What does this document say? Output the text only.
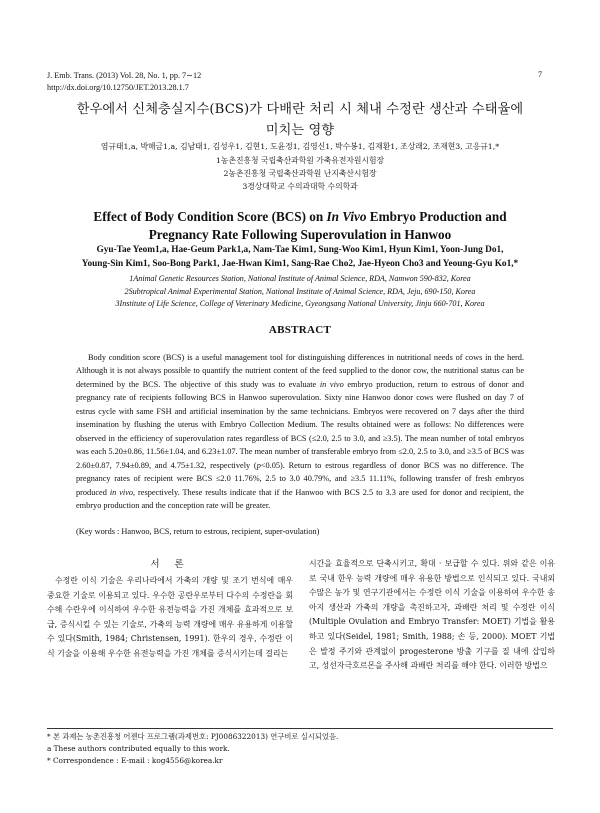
J. Emb. Trans. (2013) Vol. 28, No. 1, pp. 7∼12
http://dx.doi.org/10.12750/JET.2013.28.1.7
7
한우에서 신체충실지수(BCS)가 다배란 처리 시 체내 수정란 생산과 수태율에
미치는 영향
염규태1,a, 박해금1,a, 김남태1, 김성우1, 김현1, 도윤정1, 김영신1, 박수봉1, 김재환1, 조상래2, 조재현3, 고응규1,*
1농촌진흥청 국립축산과학원 가축유전자원시험장
2농촌진흥청 국립축산과학원 난지축산시험장
3경상대학교 수의과대학 수의학과
Effect of Body Condition Score (BCS) on In Vivo Embryo Production and
Pregnancy Rate Following Superovulation in Hanwoo
Gyu-Tae Yeom1,a, Hae-Geum Park1,a, Nam-Tae Kim1, Sung-Woo Kim1, Hyun Kim1, Yoon-Jung Do1,
Young-Sin Kim1, Soo-Bong Park1, Jae-Hwan Kim1, Sang-Rae Cho2, Jae-Hyeon Cho3 and Yeoung-Gyu Ko1,*
1Animal Genetic Resources Station, National Institute of Animal Science, RDA, Namwon 590-832, Korea
2Subtropical Animal Experimental Station, National Institute of Animal Science, RDA, Jeju, 690-150, Korea
3Institute of Life Science, College of Veterinary Medicine, Gyeongsang National University, Jinju 660-701, Korea
ABSTRACT

Body condition score (BCS) is a useful management tool for distinguishing differences in nutritional needs of cows in the herd. Although it is not always possible to quantify the nutrient content of the feed supplied to the donor cow, the nutritional status can be determined by the BCS. The objective of this study was to evaluate in vivo embryo production, return to estrous of donor and pregnancy rate of recipients following BCS in Hanwoo superovulation. Sixty nine Hanwoo donor cows were flushed on day 7 of estrus cycle with same FSH and artificial insemination by the same technicians. Embryos were recovered on 7 days after the third insemination by flushing the uterus with Embryo Collection Medium. The results obtained were as follows: No differences were observed in the efficiency of superovulation rates regardless of BCS (≤2.0, 2.5 to 3.0, and ≥3.5). The mean number of total embryos was each 5.20±0.86, 11.56±1.04, and 6.23±1.07. The mean number of transferable embryo from ≤2.0, 2.5 to 3.0, and ≥3.5 of BCS was 2.60±0.87, 7.94±0.89, and 4.75±1.32, respectively (p<0.05). Return to estrous regardless of donor BCS was no difference. The pregnancy rates of recipient were BCS ≤2.0 11.76%, 2.5 to 3.0 40.79%, and ≥3.5 11.11%, following transfer of fresh embryos produced in vivo, respectively. These results indicate that if the Hanwoo with BCS 2.5 to 3.3 are used for donor and recipient, the embryo production and the conception rate will be greater.

(Key words : Hanwoo, BCS, return to estrous, recipient, super-ovulation)
서 론

수정란 이식 기술은 우리나라에서 가축의 개량 및 조기 번식에 매우 중요한 기술로 이용되고 있다. 우수한 공란우로부터 다수의 수정란을 회수해 수란우에 이식하여 우수한 유전능력을 가진 개체를 효과적으로 보급, 증식시킬 수 있는 기술로, 가축의 능력 개량에 매우 유용하게 이용할 수 있다(Smith, 1984; Christensen, 1991). 한우의 경우, 수정란 이식 기술을 이용해 우수한 유전능력을 가진 개체를 증식시키는데 걸리는

시간을 효율적으로 단축시키고, 확대 · 보급할 수 있다. 위와 같은 이유로 국내 한우 능력 개량에 매우 유용한 방법으로 인식되고 있다. 국내외 수많은 농가 및 연구기관에서는 수정란 이식 기술을 이용하여 우수한 송아지 생산과 가축의 개량을 촉진하고자, 과배란 처리 및 수정란 이식(Multiple Ovulation and Embryo Transfer: MOET) 기법을 활용하고 있다(Seidel, 1981; Smith, 1988; 손 등, 2000). MOET 기법은 발정 주기와 관계없이 progesterone 방출 기구를 질 내에 삽입하고, 성선자극호르몬을 주사해 과배란 처리를 해야 한다. 이러한 방법으

* 본 과제는 농촌진흥청 어젠다 프로그램(과제번호: PJ0086322013) 연구비로 실시되었음.
a These authors contributed equally to this work.
* Correspondence : E-mail : kog4556@korea.kr
